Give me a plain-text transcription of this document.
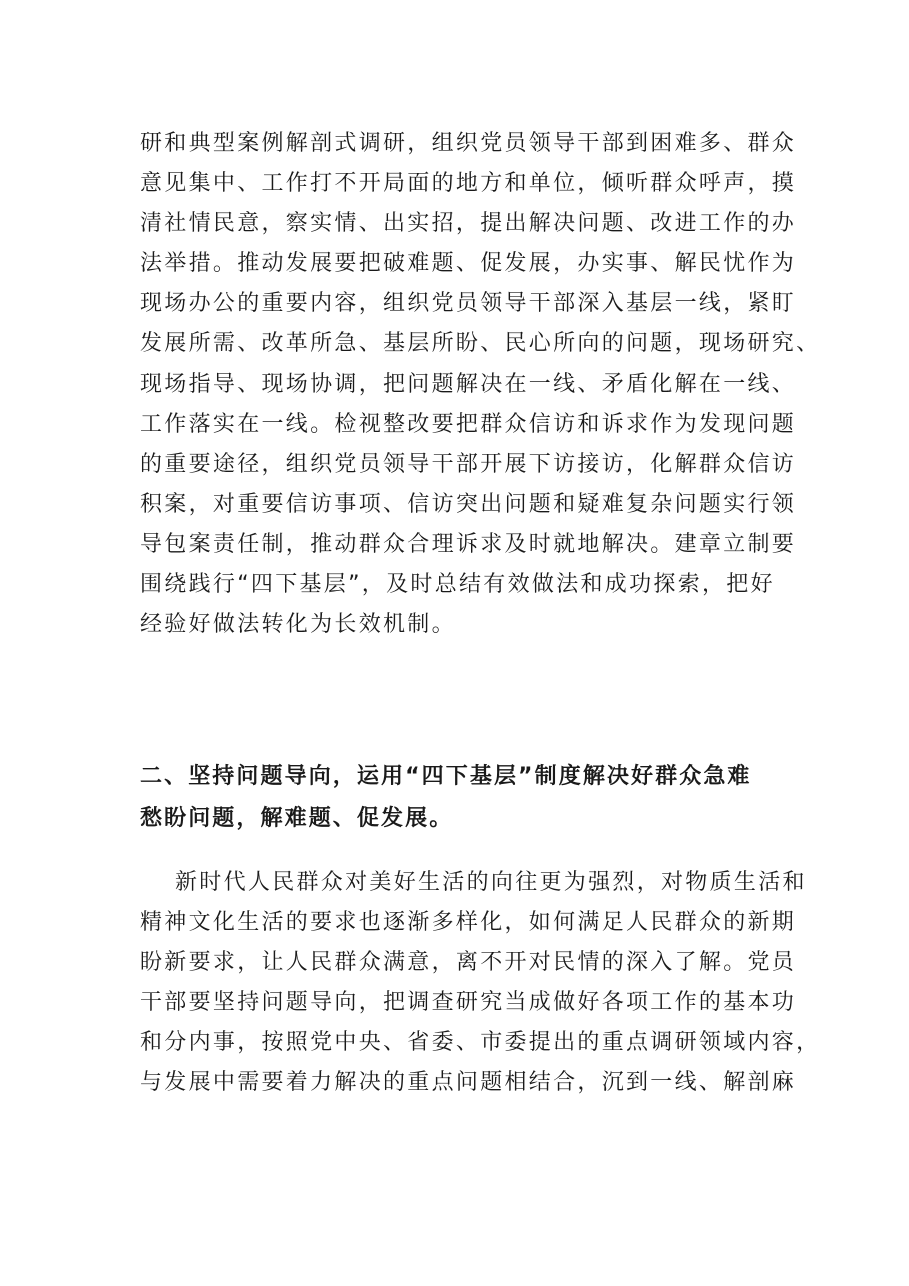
研和典型案例解剖式调研，组织党员领导干部到困难多、群众
意见集中、工作打不开局面的地方和单位，倾听群众呼声，摸
清社情民意，察实情、出实招，提出解决问题、改进工作的办
法举措。推动发展要把破难题、促发展，办实事、解民忧作为
现场办公的重要内容，组织党员领导干部深入基层一线，紧盯
发展所需、改革所急、基层所盼、民心所向的问题，现场研究、
现场指导、现场协调，把问题解决在一线、矛盾化解在一线、
工作落实在一线。检视整改要把群众信访和诉求作为发现问题
的重要途径，组织党员领导干部开展下访接访，化解群众信访
积案，对重要信访事项、信访突出问题和疑难复杂问题实行领
导包案责任制，推动群众合理诉求及时就地解决。建章立制要
围绕践行“四下基层”，及时总结有效做法和成功探索，把好
经验好做法转化为长效机制。
二、坚持问题导向，运用“四下基层”制度解决好群众急难
愁盼问题，解难题、促发展。
新时代人民群众对美好生活的向往更为强烈，对物质生活和
精神文化生活的要求也逐渐多样化，如何满足人民群众的新期
盼新要求，让人民群众满意，离不开对民情的深入了解。党员
干部要坚持问题导向，把调查研究当成做好各项工作的基本功
和分内事，按照党中央、省委、市委提出的重点调研领域内容，
与发展中需要着力解决的重点问题相结合，沉到一线、解剖麻
